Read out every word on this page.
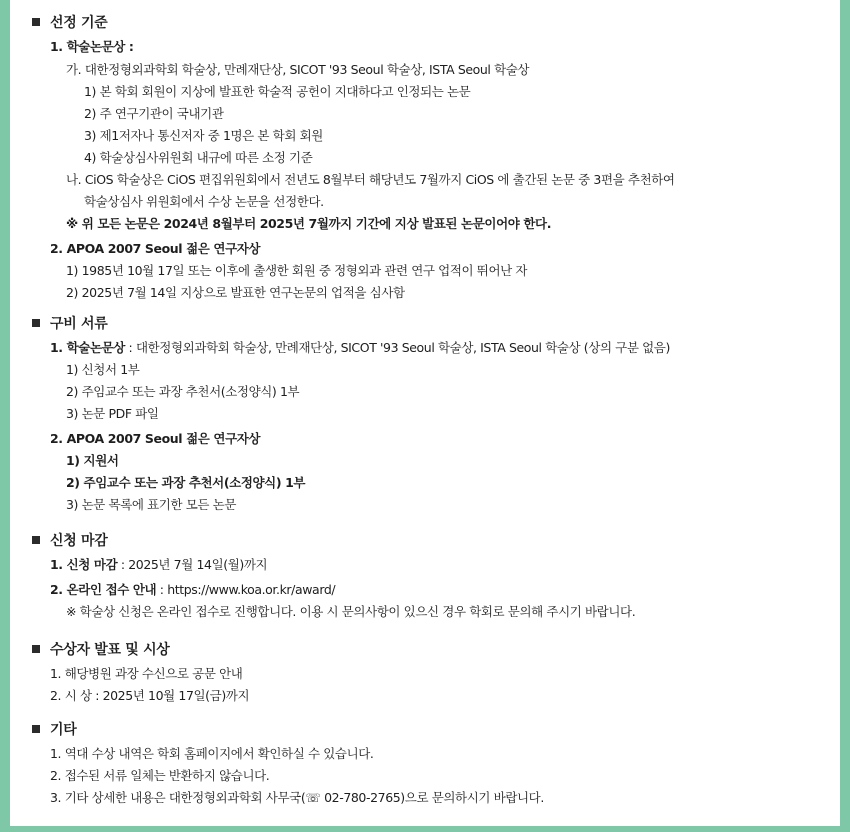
선정 기준
1. 학술논문상 :
가. 대한정형외과학회 학술상, 만례재단상, SICOT '93 Seoul 학술상, ISTA Seoul 학술상
1) 본 학회 회원이 지상에 발표한 학술적 공헌이 지대하다고 인정되는 논문
2) 주 연구기관이 국내기관
3) 제1저자나 통신저자 중 1명은 본 학회 회원
4) 학술상심사위원회 내규에 따른 소정 기준
나. CiOS 학술상은 CiOS 편집위원회에서 전년도 8월부터 해당년도 7월까지 CiOS 에 출간된 논문 중 3편을 추천하여
학술상심사 위원회에서 수상 논문을 선정한다.
※ 위 모든 논문은 2024년 8월부터 2025년 7월까지 기간에 지상 발표된 논문이어야 한다.
2. APOA 2007 Seoul 젊은 연구자상
1) 1985년 10월 17일 또는 이후에 출생한 회원 중 정형외과 관련 연구 업적이 뛰어난 자
2) 2025년 7월 14일 지상으로 발표한 연구논문의 업적을 심사함
구비 서류
1. 학술논문상 : 대한정형외과학회 학술상, 만례재단상, SICOT '93 Seoul 학술상, ISTA Seoul 학술상 (상의 구분 없음)
1) 신청서 1부
2) 주임교수 또는 과장 추천서(소정양식) 1부
3) 논문 PDF 파일
2. APOA 2007 Seoul 젊은 연구자상
1) 지원서
2) 주임교수 또는 과장 추천서(소정양식) 1부
3) 논문 목록에 표기한 모든 논문
신청 마감
1. 신청 마감 : 2025년 7월 14일(월)까지
2. 온라인 접수 안내 : https://www.koa.or.kr/award/
※ 학술상 신청은 온라인 접수로 진행합니다. 이용 시 문의사항이 있으신 경우 학회로 문의해 주시기 바랍니다.
수상자 발표 및 시상
1. 해당병원 과장 수신으로 공문 안내
2. 시 상 : 2025년 10월 17일(금)까지
기타
1. 역대 수상 내역은 학회 홈페이지에서 확인하실 수 있습니다.
2. 접수된 서류 일체는 반환하지 않습니다.
3. 기타 상세한 내용은 대한정형외과학회 사무국(☏ 02-780-2765)으로 문의하시기 바랍니다.
